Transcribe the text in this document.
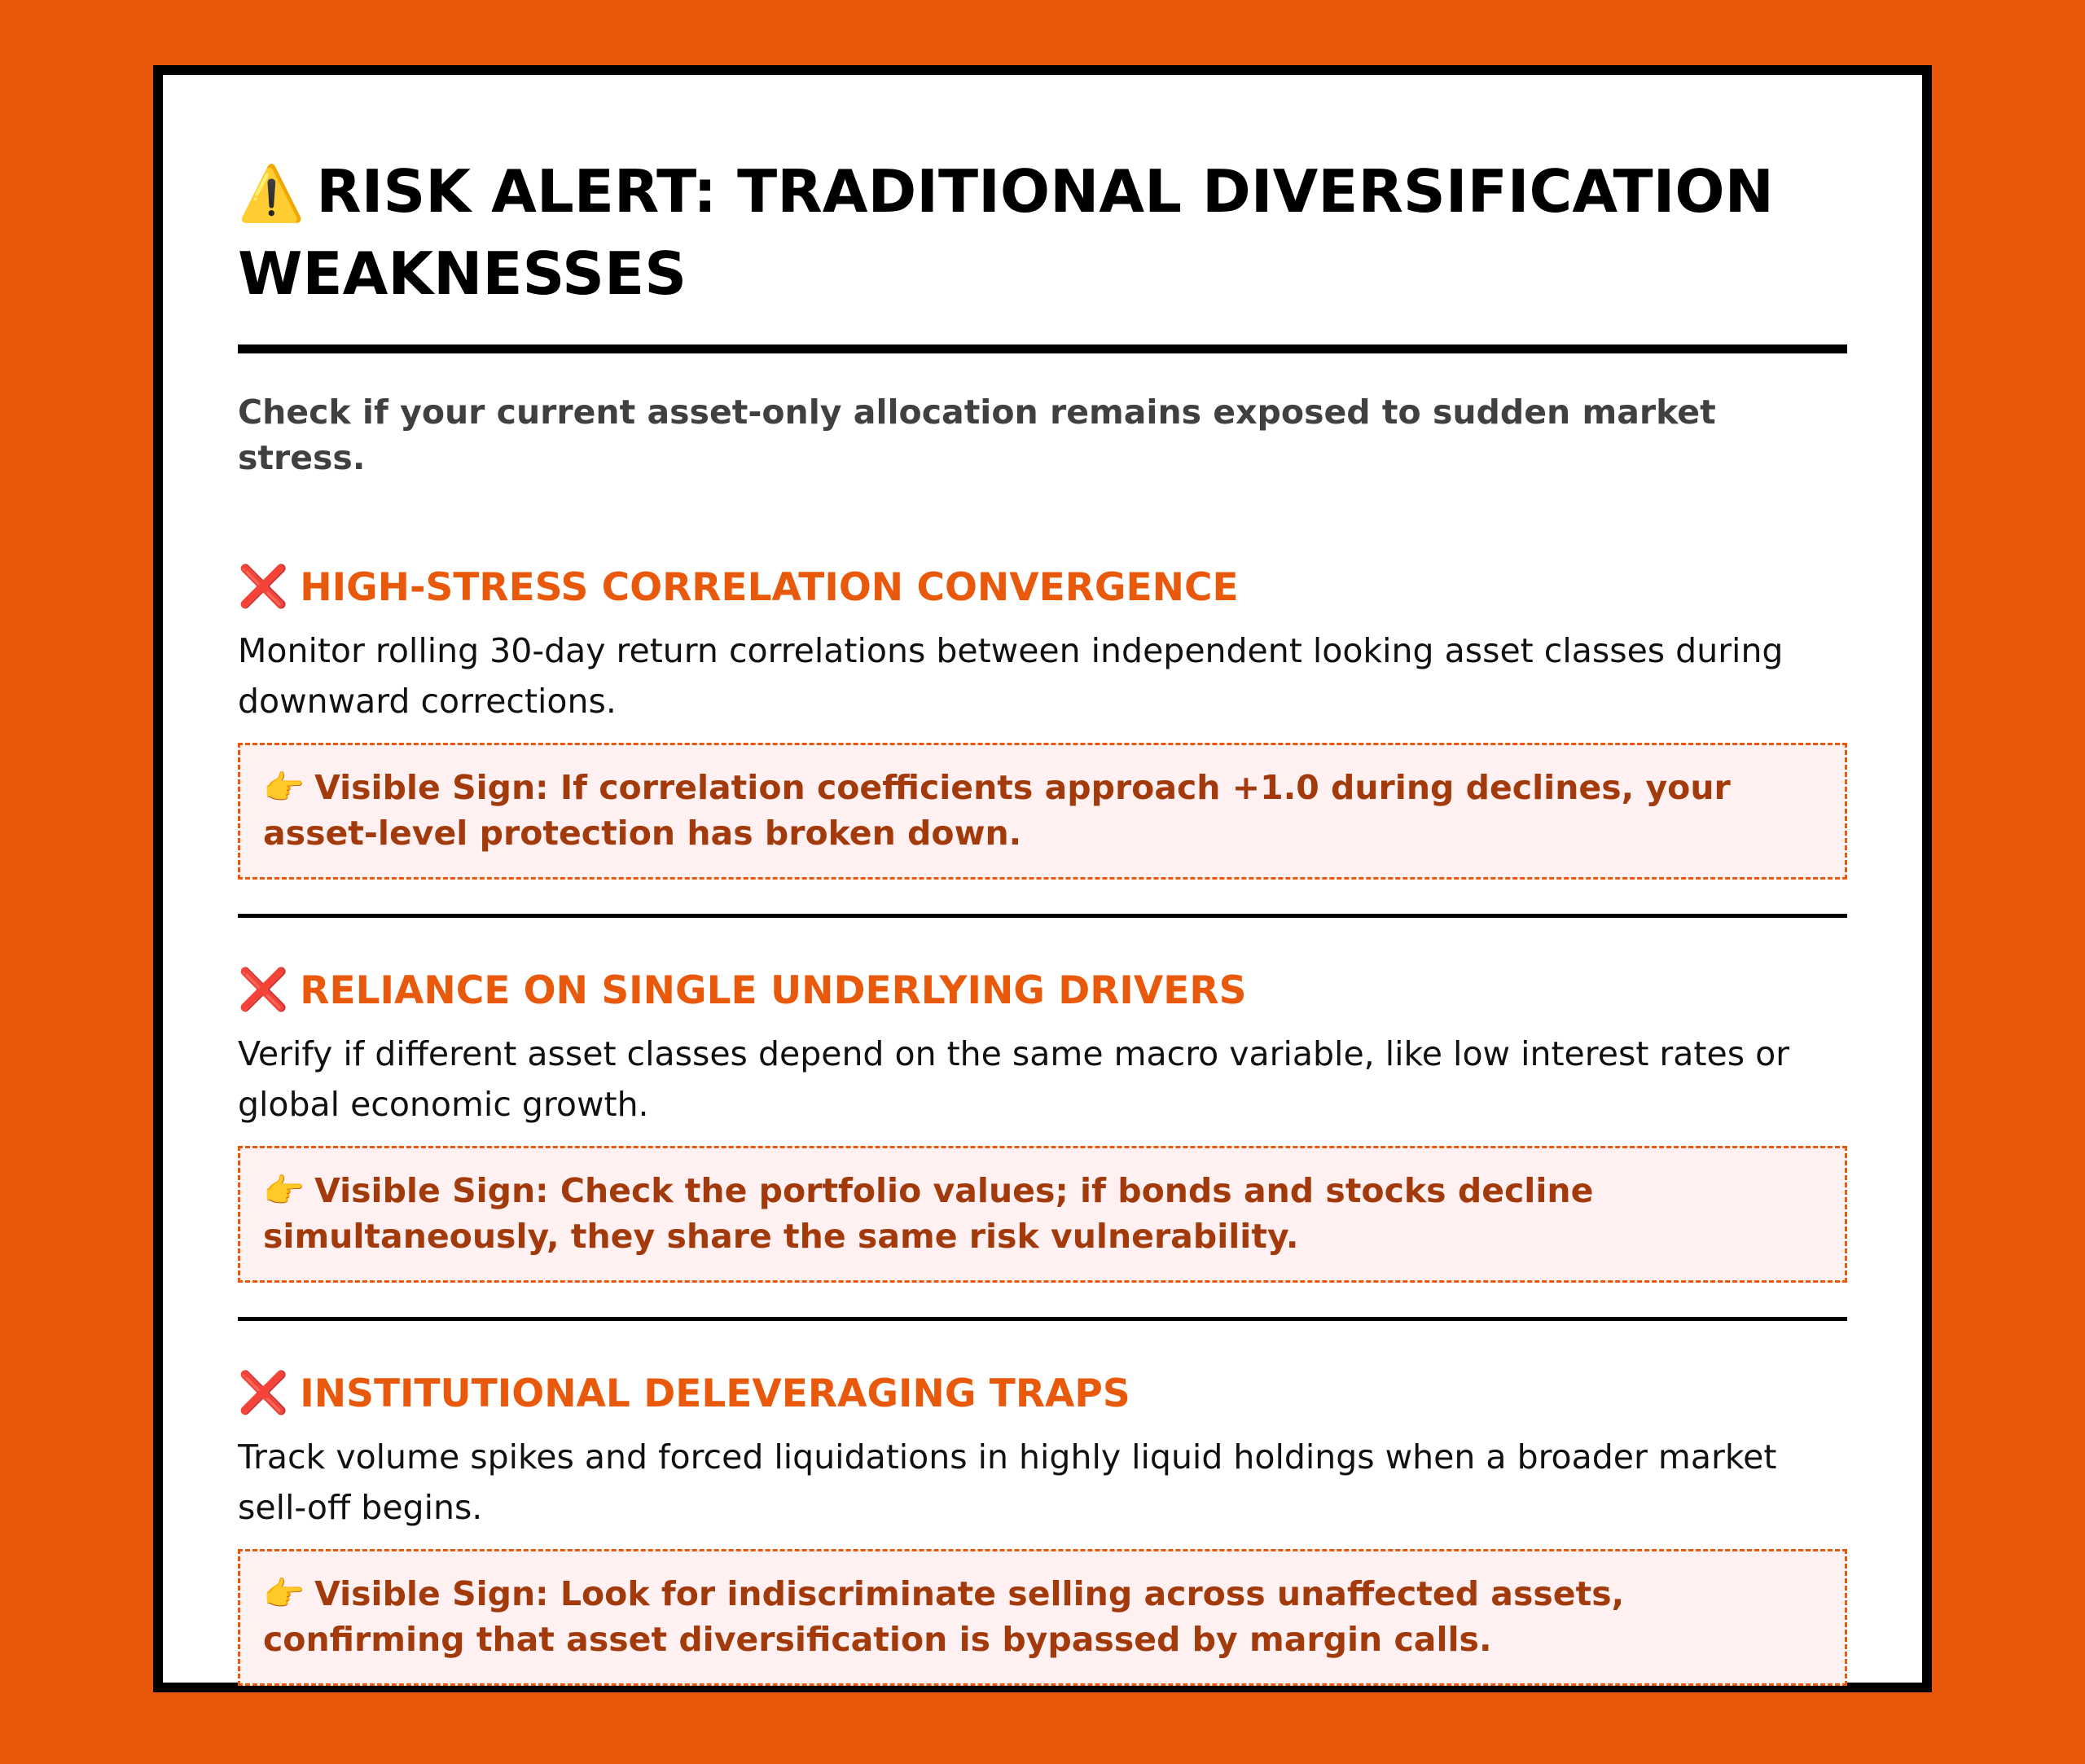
⚠️ RISK ALERT: TRADITIONAL DIVERSIFICATION WEAKNESSES
Check if your current asset-only allocation remains exposed to sudden market stress.
❌ HIGH-STRESS CORRELATION CONVERGENCE
Monitor rolling 30-day return correlations between independent looking asset classes during downward corrections.
👉 Visible Sign: If correlation coefficients approach +1.0 during declines, your asset-level protection has broken down.
❌ RELIANCE ON SINGLE UNDERLYING DRIVERS
Verify if different asset classes depend on the same macro variable, like low interest rates or global economic growth.
👉 Visible Sign: Check the portfolio values; if bonds and stocks decline simultaneously, they share the same risk vulnerability.
❌ INSTITUTIONAL DELEVERAGING TRAPS
Track volume spikes and forced liquidations in highly liquid holdings when a broader market sell-off begins.
👉 Visible Sign: Look for indiscriminate selling across unaffected assets, confirming that asset diversification is bypassed by margin calls.
